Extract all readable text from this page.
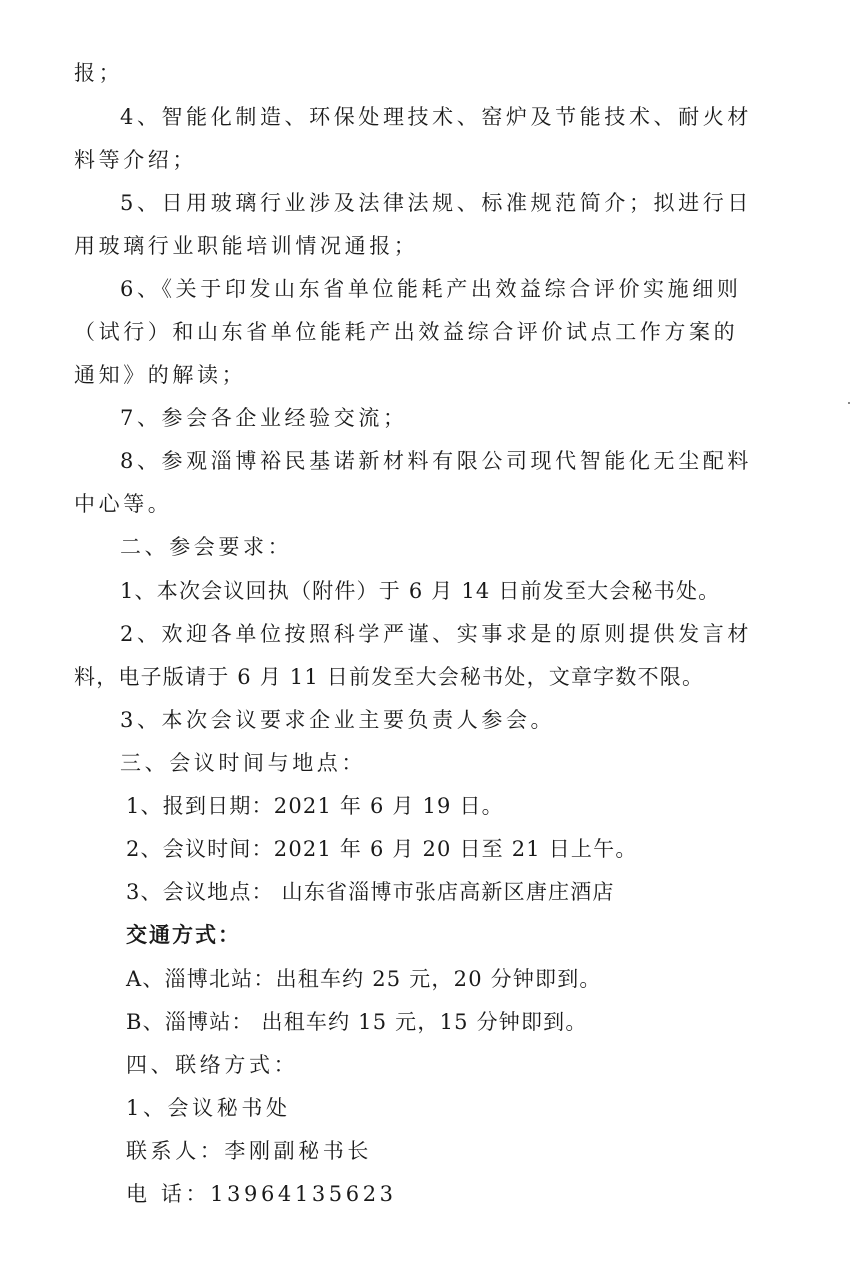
报；
4、智能化制造、环保处理技术、窑炉及节能技术、耐火材
料等介绍；
5、日用玻璃行业涉及法律法规、标准规范简介；拟进行日
用玻璃行业职能培训情况通报；
6、《关于印发山东省单位能耗产出效益综合评价实施细则
（试行）和山东省单位能耗产出效益综合评价试点工作方案的
通知》的解读；
7、参会各企业经验交流；
8、参观淄博裕民基诺新材料有限公司现代智能化无尘配料
中心等。
二、参会要求：
1、本次会议回执（附件）于 6 月 14 日前发至大会秘书处。
2、欢迎各单位按照科学严谨、实事求是的原则提供发言材
料，电子版请于 6 月 11 日前发至大会秘书处，文章字数不限。
3、本次会议要求企业主要负责人参会。
三、会议时间与地点：
1、报到日期：2021 年 6 月 19 日。
2、会议时间：2021 年 6 月 20 日至 21 日上午。
3、会议地点： 山东省淄博市张店高新区唐庄酒店
交通方式：
A、淄博北站：出租车约 25 元，20 分钟即到。
B、淄博站： 出租车约 15 元，15 分钟即到。
四、联络方式：
1、会议秘书处
联系人：李刚副秘书长
电 话：13964135623
